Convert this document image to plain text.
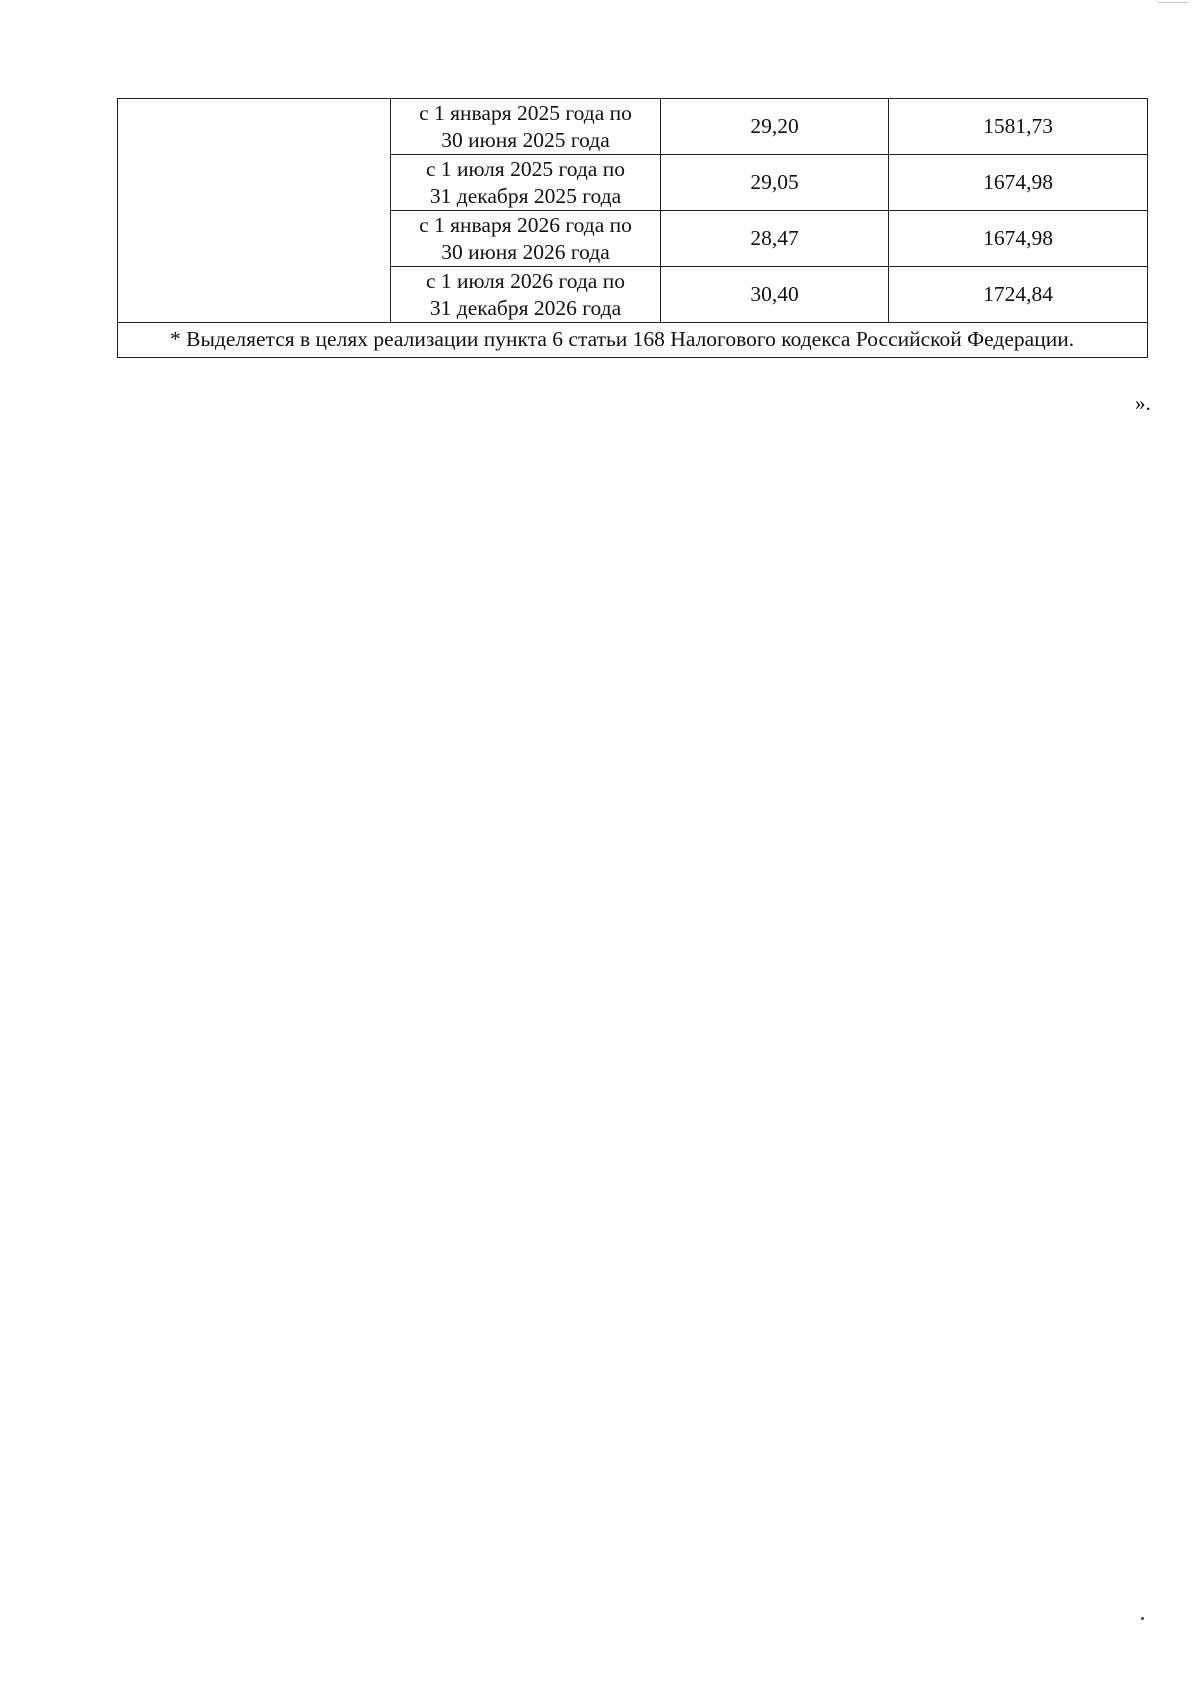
	с 1 января 2025 года по
30 июня 2025 года	29,20	1581,73

	с 1 июля 2025 года по
31 декабря 2025 года	29,05	1674,98

	с 1 января 2026 года по
30 июня 2026 года	28,47	1674,98

	с 1 июля 2026 года по
31 декабря 2026 года	30,40	1724,84
* Выделяется в целях реализации пункта 6 статьи 168 Налогового кодекса Российской Федерации.			
».
